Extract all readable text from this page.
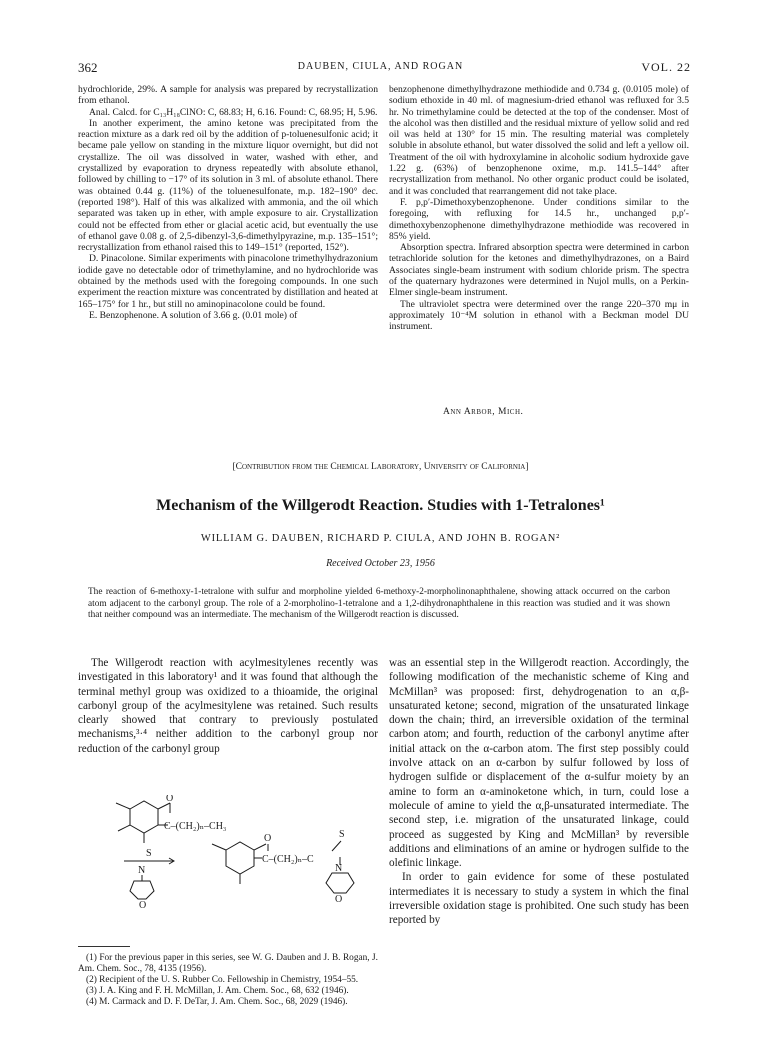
362	DAUBEN, CIULA, AND ROGAN	VOL. 22

hydrochloride, 29%. A sample for analysis was prepared by recrystallization from ethanol.

Anal. Calcd. for C₁₃H₁₈ClNO: C, 68.83; H, 6.16. Found: C, 68.95; H, 5.96.

In another experiment, the amino ketone was precipitated from the reaction mixture as a dark red oil by the addition of p-toluenesulfonic acid; it became pale yellow on standing in the mixture liquor overnight, but did not crystallize. The oil was dissolved in water, washed with ether, and crystallized by evaporation to dryness repeatedly with absolute ethanol, followed by chilling to −17° of its solution in 3 ml. of absolute ethanol. There was obtained 0.44 g. (11%) of the toluenesulfonate, m.p. 182–190° dec. (reported 198°). Half of this was alkalized with ammonia, and the oil which separated was taken up in ether, with ample exposure to air. Crystallization could not be effected from ether or glacial acetic acid, but eventually the use of ethanol gave 0.08 g. of 2,5-dibenzyl-3,6-dimethylpyrazine, m.p. 135–151°; recrystallization from ethanol raised this to 149–151° (reported, 152°).

D. Pinacolone. Similar experiments with pinacolone trimethylhydrazonium iodide gave no detectable odor of trimethylamine, and no hydrochloride was obtained by the methods used with the foregoing compounds. In one such experiment the reaction mixture was concentrated by distillation and heated at 165–175° for 1 hr., but still no aminopinacolone could be found.

E. Benzophenone. A solution of 3.66 g. (0.01 mole) of

benzophenone dimethylhydrazone methiodide and 0.734 g. (0.0105 mole) of sodium ethoxide in 40 ml. of magnesium-dried ethanol was refluxed for 3.5 hr. No trimethylamine could be detected at the top of the condenser. Most of the alcohol was then distilled and the residual mixture of yellow solid and red oil was held at 130° for 15 min. The resulting material was completely soluble in absolute ethanol, but water dissolved the solid and left a yellow oil. Treatment of the oil with hydroxylamine in alcoholic sodium hydroxide gave 1.22 g. (63%) of benzophenone oxime, m.p. 141.5–144° after recrystallization from methanol. No other organic product could be isolated, and it was concluded that rearrangement did not take place.

F. p,p′-Dimethoxybenzophenone. Under conditions similar to the foregoing, with refluxing for 14.5 hr., unchanged p,p′-dimethoxybenzophenone dimethylhydrazone methiodide was recovered in 85% yield.

Absorption spectra. Infrared absorption spectra were determined in carbon tetrachloride solution for the ketones and dimethylhydrazones, on a Baird Associates single-beam instrument with sodium chloride prism. The spectra of the quaternary hydrazones were determined in Nujol mulls, on a Perkin-Elmer single-beam instrument.

The ultraviolet spectra were determined over the range 220–370 mμ in approximately 10⁻⁴M solution in ethanol with a Beckman model DU instrument.

Ann Arbor, Mich.
[Contribution from the Chemical Laboratory, University of California]
Mechanism of the Willgerodt Reaction. Studies with 1-Tetralones¹
WILLIAM G. DAUBEN, RICHARD P. CIULA, AND JOHN B. ROGAN²
Received October 23, 1956
The reaction of 6-methoxy-1-tetralone with sulfur and morpholine yielded 6-methoxy-2-morpholinonaphthalene, showing attack occurred on the carbon atom adjacent to the carbonyl group. The role of a 2-morpholino-1-tetralone and a 1,2-dihydronaphthalene in this reaction was studied and it was shown that neither compound was an intermediate. The mechanism of the Willgerodt reaction is discussed.

The Willgerodt reaction with acylmesitylenes recently was investigated in this laboratory¹ and it was found that although the terminal methyl group was oxidized to a thioamide, the original carbonyl group of the acylmesitylene was retained. Such results clearly showed that contrary to previously postulated mechanisms,³·⁴ neither addition to the carbonyl group nor reduction of the carbonyl group

O
C–(CH₂)ₙ–CH₃
S
N
O
O	S
C–(CH₂)ₙ–C
N
O

(1) For the previous paper in this series, see W. G. Dauben and J. B. Rogan, J. Am. Chem. Soc., 78, 4135 (1956).

(2) Recipient of the U. S. Rubber Co. Fellowship in Chemistry, 1954–55.

(3) J. A. King and F. H. McMillan, J. Am. Chem. Soc., 68, 632 (1946).

(4) M. Carmack and D. F. DeTar, J. Am. Chem. Soc., 68, 2029 (1946).

was an essential step in the Willgerodt reaction. Accordingly, the following modification of the mechanistic scheme of King and McMillan³ was proposed: first, dehydrogenation to an α,β-unsaturated ketone; second, migration of the unsaturated linkage down the chain; third, an irreversible oxidation of the terminal carbon atom; and fourth, reduction of the carbonyl anytime after initial attack on the α-carbon atom. The first step possibly could involve attack on an α-carbon by sulfur followed by loss of hydrogen sulfide or displacement of the α-sulfur moiety by an amine to form an α-aminoketone which, in turn, could lose a molecule of amine to yield the α,β-unsaturated intermediate. The second step, i.e. migration of the unsaturated linkage, could proceed as suggested by King and McMillan³ by reversible additions and eliminations of an amine or hydrogen sulfide to the olefinic linkage.

In order to gain evidence for some of these postulated intermediates it is necessary to study a system in which the final irreversible oxidation stage is prohibited. One such study has been reported by
